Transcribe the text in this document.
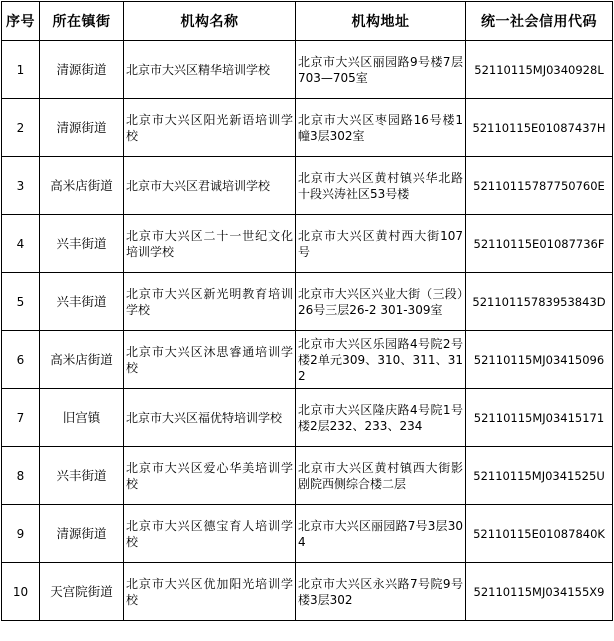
序号	所在镇街	机构名称	机构地址	统一社会信用代码
1	清源街道	北京市大兴区精华培训学校	北京市大兴区丽园路9号楼7层703—705室	52110115MJ0340928L
2	清源街道	北京市大兴区阳光新语培训学校	北京市大兴区枣园路16号楼1幢3层302室	52110115E01087437H
3	高米店街道	北京市大兴区君诚培训学校	北京市大兴区黄村镇兴华北路十段兴涛社区53号楼	52110115787750760E
4	兴丰街道	北京市大兴区二十一世纪文化培训学校	北京市大兴区黄村西大街107号	52110115E01087736F
5	兴丰街道	北京市大兴区新光明教育培训学校	北京市大兴区兴业大街（三段）26号三层26-2 301-309室	52110115783953843D
6	高米店街道	北京市大兴区沐思睿通培训学校	北京市大兴区乐园路4号院2号楼2单元309、310、311、312	52110115MJ03415096
7	旧宫镇	北京市大兴区福优特培训学校	北京市大兴区隆庆路4号院1号楼2层232、233、234	52110115MJ03415171
8	兴丰街道	北京市大兴区爱心华美培训学校	北京市大兴区黄村镇西大街影剧院西侧综合楼二层	52110115MJ0341525U
9	清源街道	北京市大兴区德宝育人培训学校	北京市大兴区丽园路7号3层304	52110115E01087840K
10	天宫院街道	北京市大兴区优加阳光培训学校	北京市大兴区永兴路7号院9号楼3层302	52110115MJ034155X9
